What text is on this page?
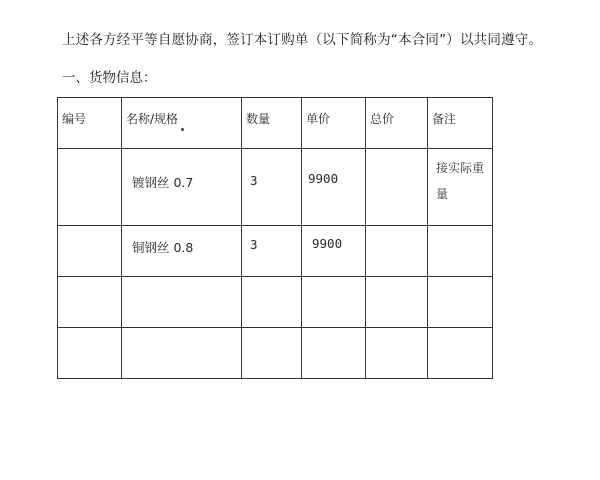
上述各方经平等自愿协商，签订本订购单（以下简称为“本合同”）以共同遵守。
一、货物信息：
编号	名称/规格	数量	单价	总价	备注

	镀钢丝 0.7	3	9900		接实际重量

	铜钢丝 0.8	3	9900		
